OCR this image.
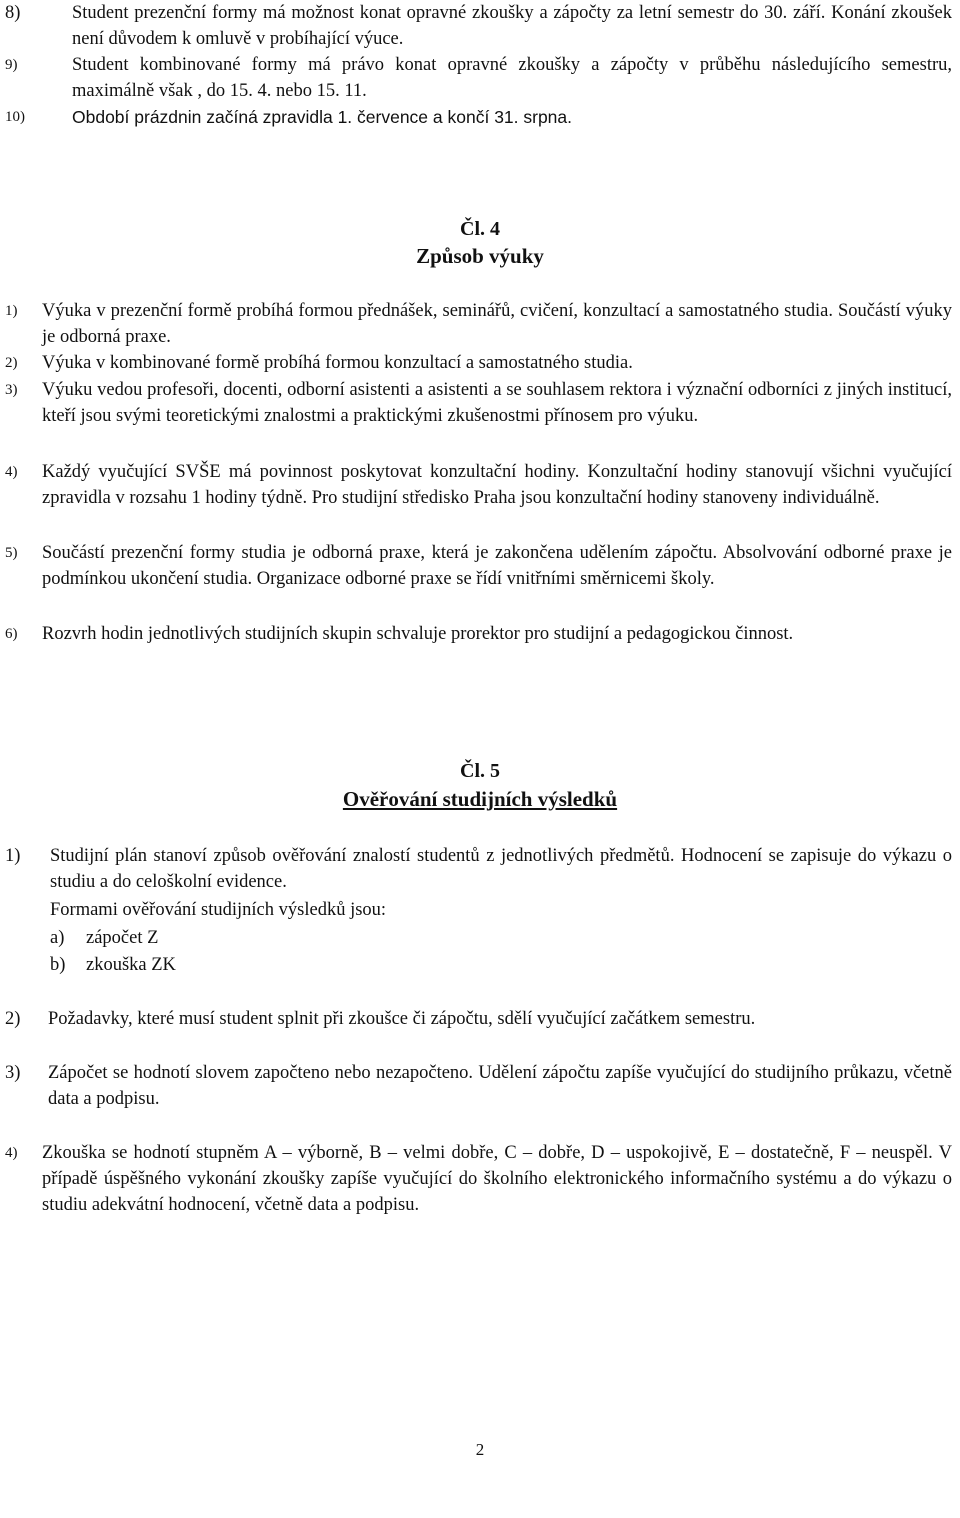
8)	Student prezenční formy má možnost konat opravné zkoušky a zápočty za letní semestr do 30. září. Konání zkoušek není důvodem k omluvě v probíhající výuce.
9)	Student kombinované formy má právo konat opravné zkoušky a zápočty v průběhu následujícího semestru, maximálně však , do 15. 4. nebo 15. 11.
10)	Období prázdnin začíná zpravidla 1. července a končí 31. srpna.
Čl. 4
Způsob výuky
1)	Výuka v prezenční formě probíhá formou přednášek, seminářů, cvičení, konzultací a samostatného studia. Součástí výuky je odborná praxe.
2)	Výuka v kombinované formě probíhá formou konzultací a samostatného studia.
3)	Výuku vedou profesoři, docenti, odborní asistenti a asistenti a se souhlasem rektora i význační odborníci z jiných institucí, kteří jsou svými teoretickými znalostmi a praktickými zkušenostmi přínosem pro výuku.
4)	Každý vyučující SVŠE má povinnost poskytovat konzultační hodiny. Konzultační hodiny stanovují všichni vyučující zpravidla v rozsahu 1 hodiny týdně. Pro studijní středisko Praha jsou konzultační hodiny stanoveny individuálně.
5)	Součástí prezenční formy studia je odborná praxe, která je zakončena udělením zápočtu. Absolvování odborné praxe je podmínkou ukončení studia. Organizace odborné praxe se řídí vnitřními směrnicemi školy.
6)	Rozvrh hodin jednotlivých studijních skupin schvaluje prorektor pro studijní a pedagogickou činnost.
Čl. 5
Ověřování studijních výsledků
1)	Studijní plán stanoví způsob ověřování znalostí studentů z jednotlivých předmětů. Hodnocení se zapisuje do výkazu o studiu a do celoškolní evidence.
Formami ověřování studijních výsledků jsou:
a) zápočet Z
b) zkouška ZK
2)	Požadavky, které musí student splnit při zkoušce či zápočtu, sdělí vyučující začátkem semestru.
3)	Zápočet se hodnotí slovem započteno nebo nezapočteno. Udělení zápočtu zapíše vyučující do studijního průkazu, včetně data a podpisu.
4)	Zkouška se hodnotí stupněm A – výborně, B – velmi dobře, C – dobře, D – uspokojivě, E – dostatečně, F – neuspěl. V případě úspěšného vykonání zkoušky zapíše vyučující do školního elektronického informačního systému a do výkazu o studiu adekvátní hodnocení, včetně data a podpisu.
2
